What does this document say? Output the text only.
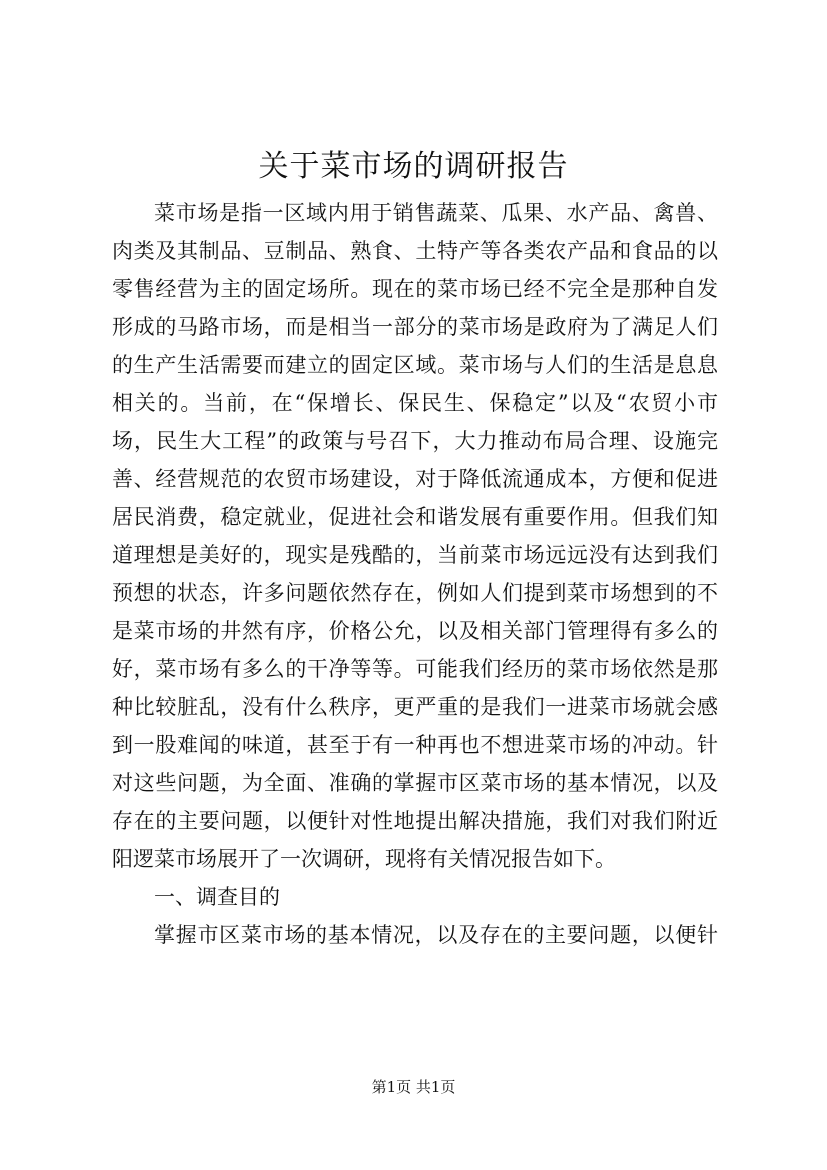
关于菜市场的调研报告
菜市场是指一区域内用于销售蔬菜、瓜果、水产品、禽兽、
肉类及其制品、豆制品、熟食、土特产等各类农产品和食品的以
零售经营为主的固定场所。现在的菜市场已经不完全是那种自发
形成的马路市场，而是相当一部分的菜市场是政府为了满足人们
的生产生活需要而建立的固定区域。菜市场与人们的生活是息息
相关的。当前，在“保增长、保民生、保稳定”以及“农贸小市
场，民生大工程”的政策与号召下，大力推动布局合理、设施完
善、经营规范的农贸市场建设，对于降低流通成本，方便和促进
居民消费，稳定就业，促进社会和谐发展有重要作用。但我们知
道理想是美好的，现实是残酷的，当前菜市场远远没有达到我们
预想的状态，许多问题依然存在，例如人们提到菜市场想到的不
是菜市场的井然有序，价格公允，以及相关部门管理得有多么的
好，菜市场有多么的干净等等。可能我们经历的菜市场依然是那
种比较脏乱，没有什么秩序，更严重的是我们一进菜市场就会感
到一股难闻的味道，甚至于有一种再也不想进菜市场的冲动。针
对这些问题，为全面、准确的掌握市区菜市场的基本情况，以及
存在的主要问题，以便针对性地提出解决措施，我们对我们附近
阳逻菜市场展开了一次调研，现将有关情况报告如下。
一、调查目的
掌握市区菜市场的基本情况，以及存在的主要问题，以便针
第1页 共1页
